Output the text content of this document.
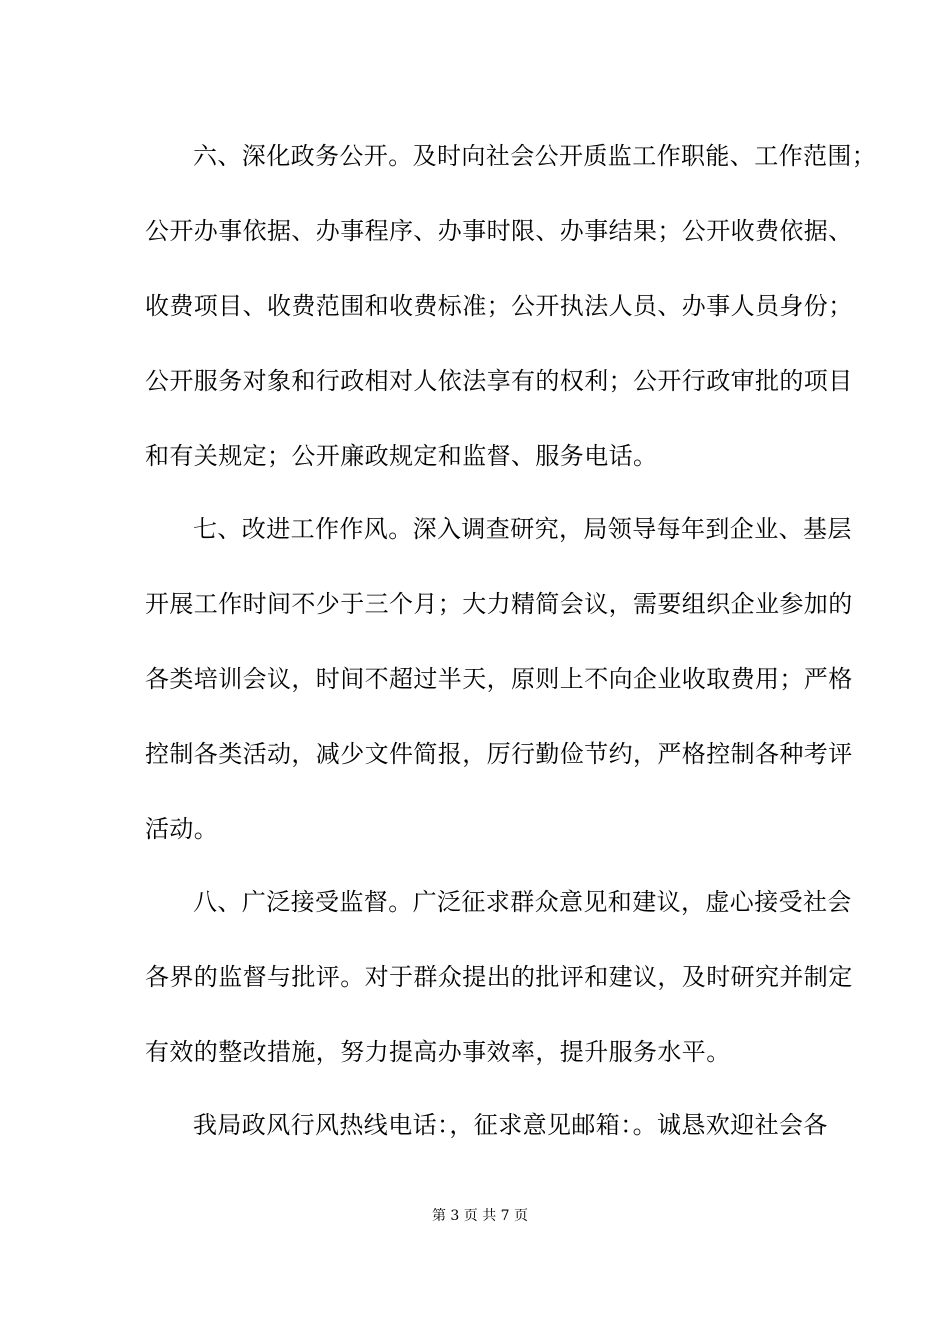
六、深化政务公开。及时向社会公开质监工作职能、工作范围；
公开办事依据、办事程序、办事时限、办事结果；公开收费依据、
收费项目、收费范围和收费标准；公开执法人员、办事人员身份；
公开服务对象和行政相对人依法享有的权利；公开行政审批的项目
和有关规定；公开廉政规定和监督、服务电话。
七、改进工作作风。深入调查研究，局领导每年到企业、基层
开展工作时间不少于三个月；大力精简会议，需要组织企业参加的
各类培训会议，时间不超过半天，原则上不向企业收取费用；严格
控制各类活动，减少文件简报，厉行勤俭节约，严格控制各种考评
活动。
八、广泛接受监督。广泛征求群众意见和建议，虚心接受社会
各界的监督与批评。对于群众提出的批评和建议，及时研究并制定
有效的整改措施，努力提高办事效率，提升服务水平。
我局政风行风热线电话：，征求意见邮箱：。诚恳欢迎社会各
第 3 页 共 7 页
